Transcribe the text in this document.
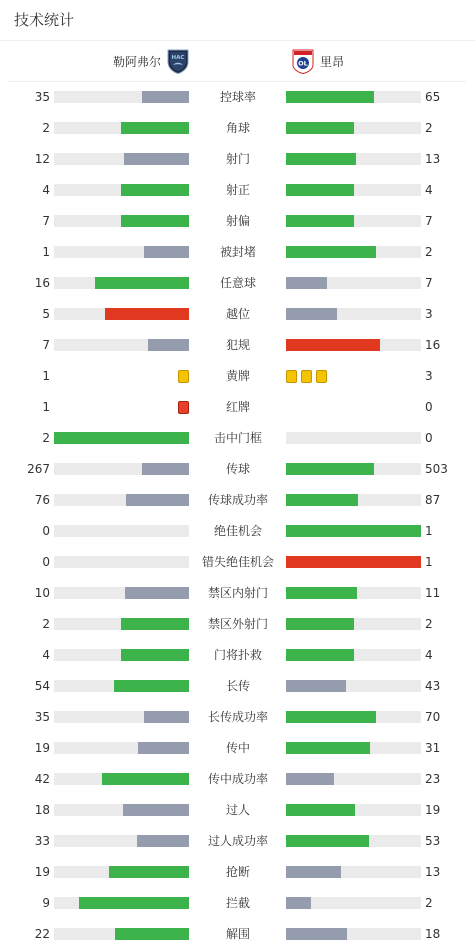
技术统计
勒阿弗尔 HAC
OL 里昂
35	控球率	65
2	角球	2
12	射门	13
4	射正	4
7	射偏	7
1	被封堵	2
16	任意球	7
5	越位	3
7	犯规	16
1	黄牌	3
1	红牌	0
2	击中门框	0
267	传球	503
76	传球成功率	87
0	绝佳机会	1
0	错失绝佳机会	1
10	禁区内射门	11
2	禁区外射门	2
4	门将扑救	4
54	长传	43
35	长传成功率	70
19	传中	31
42	传中成功率	23
18	过人	19
33	过人成功率	53
19	抢断	13
9	拦截	2
22	解围	18
